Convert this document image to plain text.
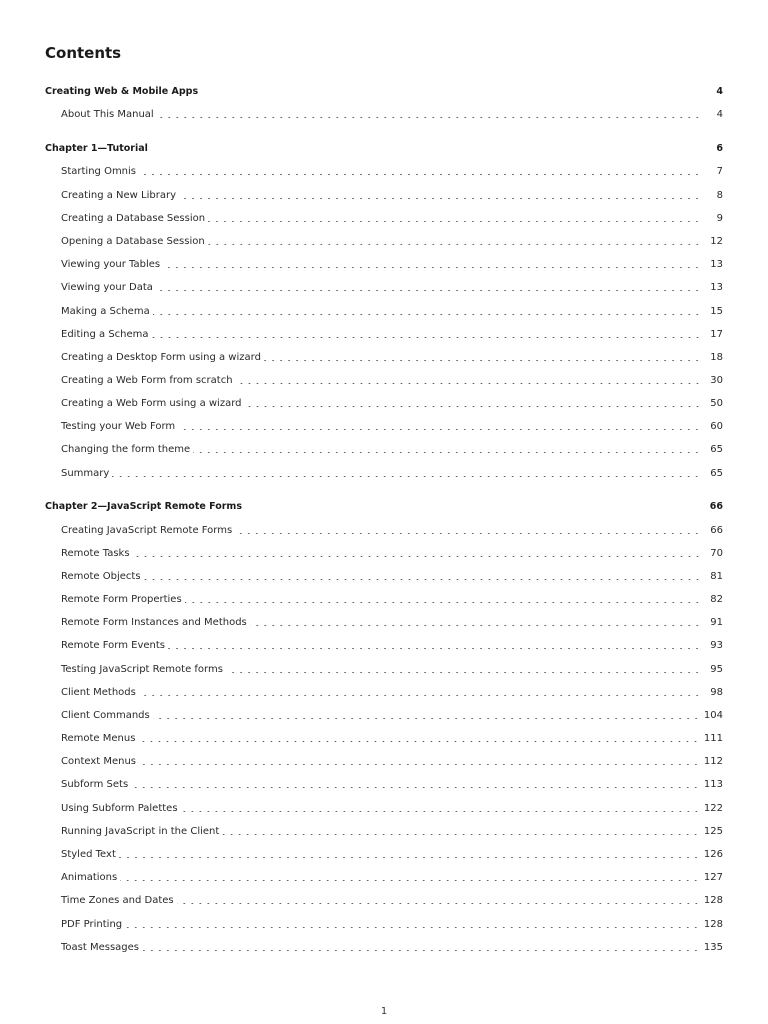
Contents
Creating Web & Mobile Apps	4
About This Manual	4
Chapter 1—Tutorial	6
Starting Omnis	7
Creating a New Library	8
Creating a Database Session	9
Opening a Database Session	12
Viewing your Tables	13
Viewing your Data	13
Making a Schema	15
Editing a Schema	17
Creating a Desktop Form using a wizard	18
Creating a Web Form from scratch	30
Creating a Web Form using a wizard	50
Testing your Web Form	60
Changing the form theme	65
Summary	65
Chapter 2—JavaScript Remote Forms	66
Creating JavaScript Remote Forms	66
Remote Tasks	70
Remote Objects	81
Remote Form Properties	82
Remote Form Instances and Methods	91
Remote Form Events	93
Testing JavaScript Remote forms	95
Client Methods	98
Client Commands	104
Remote Menus	111
Context Menus	112
Subform Sets	113
Using Subform Palettes	122
Running JavaScript in the Client	125
Styled Text	126
Animations	127
Time Zones and Dates	128
PDF Printing	128
Toast Messages	135
1
